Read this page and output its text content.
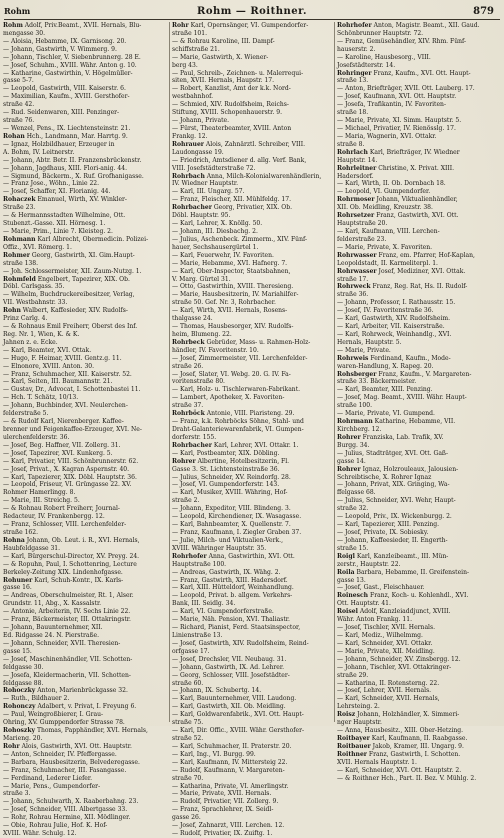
Rohm	Rohm — Roithner.	879
Rohm Adolf, Priv.Beamt., XVII. Hernals, Blu-
mengasse 30.
— Aloisia, Hebamme, IX. Garnisong. 20.
— Johann, Gastwirth, V. Wimmerg. 9.
— Johann, Tischler, V. Siebenbrunnerg. 28 E.
— Josef, Schuhm., XVIII. Währ. Anton g. 10.
— Katharine, Gastwirthin, V. Högelmüller-
gasse 5-7.
— Leopold, Gastwirth, VIII. Kaiserstr. 6.
— Maximilian, Kaufm., XVIII. Gersthofer-
straße 42.
— Rud. Seidenwaren, XIII. Penzinger-
straße 76.
— Wenzel, Pens., IX. Liechtensteinstr. 21.
Rohan Hch., Landmann, Mar. Harrtg. 9.
— Ignaz, Holzbildhauer, Erzeuger in
A. Bohm, IV. Leitnerstr.
— Johann, Abtr. Betr. II. Franzensbrückenstr.
— Johann, Jagdhaus, XIII. Flori-anig. 44.
— Sigmund, Bäckerm., X. Ruf. Grofhanigasse.
— Franz Jose., Wöhn., Linie 22.
— Josef, Schaffer, XI. Florianig. 44.
Rohaczek Emanuel, Wirth, XV. Winkler-
Straße 23.
— & Hermannsstadten Wilhelmine, Ott.
Stubenzt.-Gasse. XII. Hörnesg. 1.
— Marie, Prim., Linie 7. Kleisteg. 2.
Rohmann Karl Albrecht, Obermedicin. Polizei-
Offiz., XVI. Römerg. 1.
Rohmer Georg, Gastwirth, XI. Gim.Haupt-
straße 138.
— Joh. Schlossermeister, XII. Zaum-Nutzg. 1.
Rohmfeld Engelbert, Tapezirer, XIX. Ob.
Döbl. Carlsgass. 35.
— Wilhelm, Buchdruckereibesitzer, Verlag,
VII. Westbahnstr. 33.
Rohn Walbert, Kaffesieder, XIV. Rudolfs-
Prinz Carlg. 4.
— & Rohnaus Emil Freiherr, Oberst des Inf.
Reg. Nr. 1, Wien, K. & K.
Jahnen z. e. Ecke.
— Karl, Beamter, XVI. Ottak.
— Hugo, F. Heimar, XVIII. Gentz.g. 11.
— Elnonore, XVIII. Anton. 30.
— Franz, Schuhmacher, XII. Kaiserstr. 52.
— Karl, Seiten, III. Baumannstr. 21.
— Gustav, Dr., Advocat, I. Schottenbastei 11.
— Hch. T. Schätz, 10/13.
— Johann, Buchbinder, XVI. Neulerchen-
felderstraße 5.
— & Rudolf Karl, Nierenberger. Kaffee-
brenner und Feigenkaffee-Erzeuger, XVI. Ne-
ulerchenfelderstr. 36.
— Josef, Beg. Haffner, VII. Zollerg. 31.
— Josef, Tapezirer, XVI. Kunkerg. 5.
— Karl, Privatier, VIII. Schönbrunnerstr. 62.
— Josef, Privat., X. Kagran Aspernstr. 40.
— Karl, Tapezierer, XIX. Döbl. Hauptstr. 36.
— Leopold, Friseur, VI. Grüngasse 22. XV.
Rohmer Hamerlingg. 8.
— Marie, III. Streichg. 5.
— & Rohnau Robert Freiherr, Journal-
Redacteur, IV. Frankenbergg. 12.
— Franz, Schlosser, VIII. Lerchenfelder-
straße 162.
Rohna Johann, Ob. Leut. i. R., XVI. Hernals,
Haubfeldgasse 31.
— Karl, Bürgerschul-Director, XV. Preyg. 24.
— & Ropuhn, Paul, I. Schottenring, Lecture
Berkeley-Zeitung XIX. Lindenhofgasse.
Rohuner Karl, Schuh-Kontr., IX. Karls-
gasse 16.
— Andreas, Oberschulmeister, Rt. 1, Alser.
Grundstr. 11, Abg., X. Kassalstr.
— Antonie, Arbeiterin, IV. Sechs Linie 22.
— Franz, Bäckermeister, III. Ottakringstr.
— Johann, Bauunternehmer, XII.
Ed. Ridgasse 24. N. Pierstraße.
— Johann, Schneider, XVII. Theresien-
gasse 15.
— Josef, Maschinenhändler, VII. Schotten-
feldgasse 30.
— Josefa, Kleidermacherin, VII. Schotten-
feldgasse 88.
Rohoczky Anton, Marienbrückgasse 32.
— Ruth., Bildhauer 2.
Rohonczy Adalbert, v. Privat, I. Freyung 6.
— Paul, Weingroßbierer, I. Grau-
Ohring, XV. Gumppendorfer Strasse 78.
Rohoszky Thomas, Papphändler, XVI. Hernals,
Marieng. 20.
Rohr Alois, Gastwirth, XVI. Ott. Hauptstr.
— Anton, Schneider, IV. Pfeffergasse.
— Barbara, Hausbesitzerin, Belvederegasse.
— Franz, Schuhmacher, III. Fasangasse.
— Ferdinand, Lederer Liefer.
— Marie, Pens., Gumpendorfer-
straße 3.
— Johann, Schulwarth, X. Raaberbahng. 23.
— Josef, Schneider, VIII. Albertgasse 33.
— Rohr, Rohrau Hermine, XII. Mödlinger.
— Obie, Rohrau Julie, Hof. K. Hof-
XVIII. Währ. Schulg. 12.
Rohr Karl, Opernsänger, VI. Gumpendorfer-
straße 101.
— & Rohrau Karoline, III. Dampf-
schiffstraße 21.
— Marie, Gastwirth, X. Wiener-
berg 43.
— Paul, Schreib-, Zeichnen- u. Malerrequi-
siten, XVII. Hernals, Haupstr. 17.
— Robert, Kanzlist, Amt der k.k. Nord-
westbahnhof.
— Schmied, XIV. Rudolfsheim, Reichs-
Stiftung, XVIII. Schopenhauerstr. 9.
— Johann, Private.
— Fürst, Theaterbeamter, XVIII. Anton
Frankg. 12.
Rohrauer Alois, Zahnärztl. Schreiber, VIII.
Laudongasse 19.
— Friedrich, Amtsdiener d. allg. Verf. Bank,
VIII. Josefstädterstraße 72.
Rohrbach Anna, Milch-Kolonialwarenhändlerin,
IV. Wiedner Hauptstr.
— Karl, III. Ungarg. 57.
— Franz, Fleischer, XII. Mühlfeldg. 17.
Rohrbacher Georg, Privatier, XIX. Ob.
Döbl. Hauptstr. 95.
— Karl, Lehrer, X. Knöllg. 50.
— Johann, III. Diesbachg. 2.
— Julius, Aschenbeck. Zimmerm., XIV. Fünf-
hauer, Sechshausergürtel 1.
— Karl, Feuerwehr, IV. Favoriten.
— Marie, Hebamme, XVI. Hafnerg. 7.
— Karl, Ober-Inspector, Staatsbahnen,
V. Marg. Gürtel 31.
— Otto, Gastwirthin, XVIII. Theresieng.
— Marie, Hausbesitzerin, IV. Mariahilfer-
straße 50. Gef. Nr. 3, Rohrbacher.
— Karl, Wirth, XVII. Hernals, Rosens-
thalgasse 24.
— Thomas, Hausbesorger, XIV. Rudolfs-
heim, Blumeng. 22.
Rohrbeck Gebrüder, Mass- u. Rahmen-Holz-
händler, IV. Favoritenstr. 10.
— Josef, Zimmermeister, VII. Lerchenfelder-
straße 26.
— Josef, Slater, VI. Webg. 20. G. IV. Fa-
voritenstraße 80.
— Karl, Holz- u. Tischlerwaren-Fabrikant.
— Lambert, Apotheker, X. Favoriten-
straße 37.
Rohrböck Antonie, VIII. Piaristeng. 29.
— Franz, k.k. Rohrböcks Söhne, Stahl- und
Draht-Galanteriewarenfabrik, VI. Gumpen-
dorferstr. 155.
Rohrbacher Karl, Lehrer, XVI. Ottakr. 1.
— Karl, Postbeamter, XIX. Döbling.
Rohrer Albertine, Hotelbesitzerin, Fl.
Gasse 3. St. Lichtensteinstraße 36.
— Julius, Schneider, XV. Reindorfg. 28.
— Josef, VI. Gumpendorferstr. 143.
— Karl, Musiker, XVIII. Währing, Hof-
straße 2.
— Johann, Expeditor, VIII. Blindeng. 3.
— Leopold, Kirchendiener, IX. Wasagasse.
— Karl, Bahnbeamter, X. Quellenstr. 7.
— Franz, Kaufmann, I. Ziegler Graben 37.
— Julie, Milch- und Viktualien-Verk.,
XVIII. Währinger Hauptstr. 35.
Rohrhofer Anna, Gastwirthin, XVI. Ott.
Hauptstraße 100.
— Andreas, Gastwirth, IX. Wähg. 2.
— Franz, Gastwirth, XIII. Hadersdorf.
— Karl, XIII. Hütteldorf, Weinhandlung.
— Leopold, Privat. b. allgem. Verkehrs-
Bank, III. Seidlg. 34.
— Karl, VI. Gumpendorferstraße.
— Marie, Näh. Pension, XVI. Thaliastr.
— Richard, Pianist, Ferd. Staatsinspector,
Linienstraße 13.
— Josef, Gastwirth, XIV. Rudolfsheim, Reind-
orfgasse 17.
— Josef, Drechsler, VII. Neubaug. 31.
— Johann, Gastwirth, IX. Ad. Lehrer.
— Georg, Schlosser, VIII. Josefstädter-
straße 60.
— Johann, IX. Schubertg. 14.
— Karl, Bauunternehmer, VIII. Laudong.
— Karl, Gastwirth, XII. Ob. Meidling.
— Karl, Goldwarenfabrik., XVI. Ott. Haupt-
straße 75.
— Karl, Dir. Offic., XVIII. Währ. Gersthofer-
straße 52.
— Karl, Schuhmacher, II. Praterstr. 20.
— Karl, Ing., VI. Burgg. 99.
— Karl, Kaufmann, IV. Mittersteig 22.
— Rudolf, Kaufmann, V. Margareten-
straße 70.
— Katharina, Private, VI. Amerlingstr.
— Marie, Private, XVII. Hernals.
— Rudolf, Privatier, VII. Zollerg. 9.
— Franz, Sprachlehrer, IX. Seidl-
gasse 26.
— Josef, Zahnarzt, VIII. Lerchen. 12.
— Rudolf, Privatier, IX. Zuiftg. 1.
Rohrhofer Anton, Magistr. Beamt., XII. Gaud.
Schönbrunner Hauptstr. 72.
— Franz, Gemüsehändler, XIV. Rhm. Fünf-
hauserstr. 2.
— Karoline, Hausbesorg., VIII.
Josefstädterstr. 14.
Rohringer Franz, Kaufm., XVI. Ott. Haupt-
straße 13.
— Anton, Briefträger, XVII. Ott. Lauberg. 17.
— Josef, Kaufmann, XVI. Ott. Hauptstr.
— Josefa, Trafikantin, IV. Favoriten-
straße 18.
— Marie, Private, XI. Simm. Hauptstr. 5.
— Michael, Privatier, IV. Rienösslg. 17.
— Maria, Wagnerin, XVI. Ottakr.
straße 8.
Rohrlach Karl, Briefträger, IV. Wiedner
Hauptstr. 14.
Rohrleitner Christine, X. Privat. XIII.
Hadersdorf.
— Karl, Wirth, II. Ob. Dornbach 18.
— Leopold, VI. Gumpendorfer.
Rohrmoser Johann, Viktualienhändler,
XII. Ob. Meidling, Kreuzstr. 38.
Rohrsetzer Franz, Gastwirth, XVI. Ott.
Hauptstraße 20.
— Karl, Kaufmann, VIII. Lerchen-
felderstraße 23.
— Marie, Private, X. Favoriten.
Rohrwasser Franz, em. Pfarrer, Hof-Kaplan,
Leopoldstadt, II. Karmeliterpl. 1.
Rohrwasser Josef, Mediziner, XVI. Ottak.
straße 17.
Rohrweck Franz, Reg. Rat, Hs. II. Rudolf-
straße 36.
— Johann, Professor, I. Rathausstr. 15.
— Josef, IV. Favoritenstraße 36.
— Karl, Gastwirth, XIV. Rudolfsheim.
— Karl, Arbeiter, VII. Kaiserstraße.
— Karl, Rohrweck, Weinhandlg., XVI.
Hernals, Hauptstr. 5.
— Marie, Private.
Rohrweis Ferdinand, Kaufm., Mode-
waren-Handlung, X. Rapeg. 20.
Rohsberger Franz, Kaufm., V. Margareten-
straße 33. Bäckermeister.
— Karl, Beamter, XIII. Penzing.
— Josef, Mag. Beamt., XVIII. Währ. Haupt-
straße 100.
— Marie, Private, VI. Gumpend.
Rohrmann Katharine, Hebamme, VII.
Kirchberg. 12.
Rohrer Franziska, Lab. Trafik, XV.
Burgg. 34.
— Julius, Stadträtger, XVI. Ott. Gaß-
gasse 14.
Rohrer Ignaz, Holzrouleaux, Jalousien-
Schreibtische, X. Rohrer Ignaz
— Johann, Privat, XIX. Gringing, Wa-
ffelgasse 68.
— Julius, Schneider, XVI. Wehr, Haupt-
straße 32.
— Leopold, Priv., IX. Wickenburgg. 2.
— Karl, Tapezierer, XIII. Penzing.
— Josef, Private, IX. Sobiesky.
— Johann, Kaffeesieder, II. Engerth-
straße 15.
Roigl Karl, Kanzleibeamt., III. Mün-
zerstr., Hauptstr. 22.
Roila Barbara, Hebamme, II. Greifenstein-
gasse 13.
— Josef, Gast., Fleischhauer.
Roinesch Franz, Koch- u. Kohlenhdl., XVI.
Ott. Hauptstr. 41.
Roisel Adolf, Kanzleiaddjunct, XVIII.
Währ. Anton Frankg. 11.
— Josef, Tischler, XVII. Hernals.
— Karl, Mediz., Wilhelmmg.
— Karl, Schneider, XVI. Ottakr.
— Marie, Private, XII. Meidling.
— Johann, Schneider, XV. Zinsbergg. 12.
— Johann, Tischler, XVI. Ottakringer-
straße 29.
— Katharina, II. Rotensterng. 22.
— Josef, Lehrer, XVII. Hernals.
— Karl, Schneider, XVII. Hernals,
Lehrsteing. 2.
Roisz Johann, Holzhändler, X. Simmeri-
nger Hauptstr.
— Anna, Hausbesitz., XIII. Ober-Hetzing.
Roitbayer Karl, Kaufmann, II. Raabgasse.
Roitbauer Jakob, Kramer, III. Ungarg. 9.
Roithner Franz, Gastwirth, I. Schotten.
XVII. Hernals Hauptstr. 1.
— Karl, Schneider, XVI. Ott. Hauptstr. 2.
— & Roithner Hch., Part. II. Bez. V. Mühlg. 2.
